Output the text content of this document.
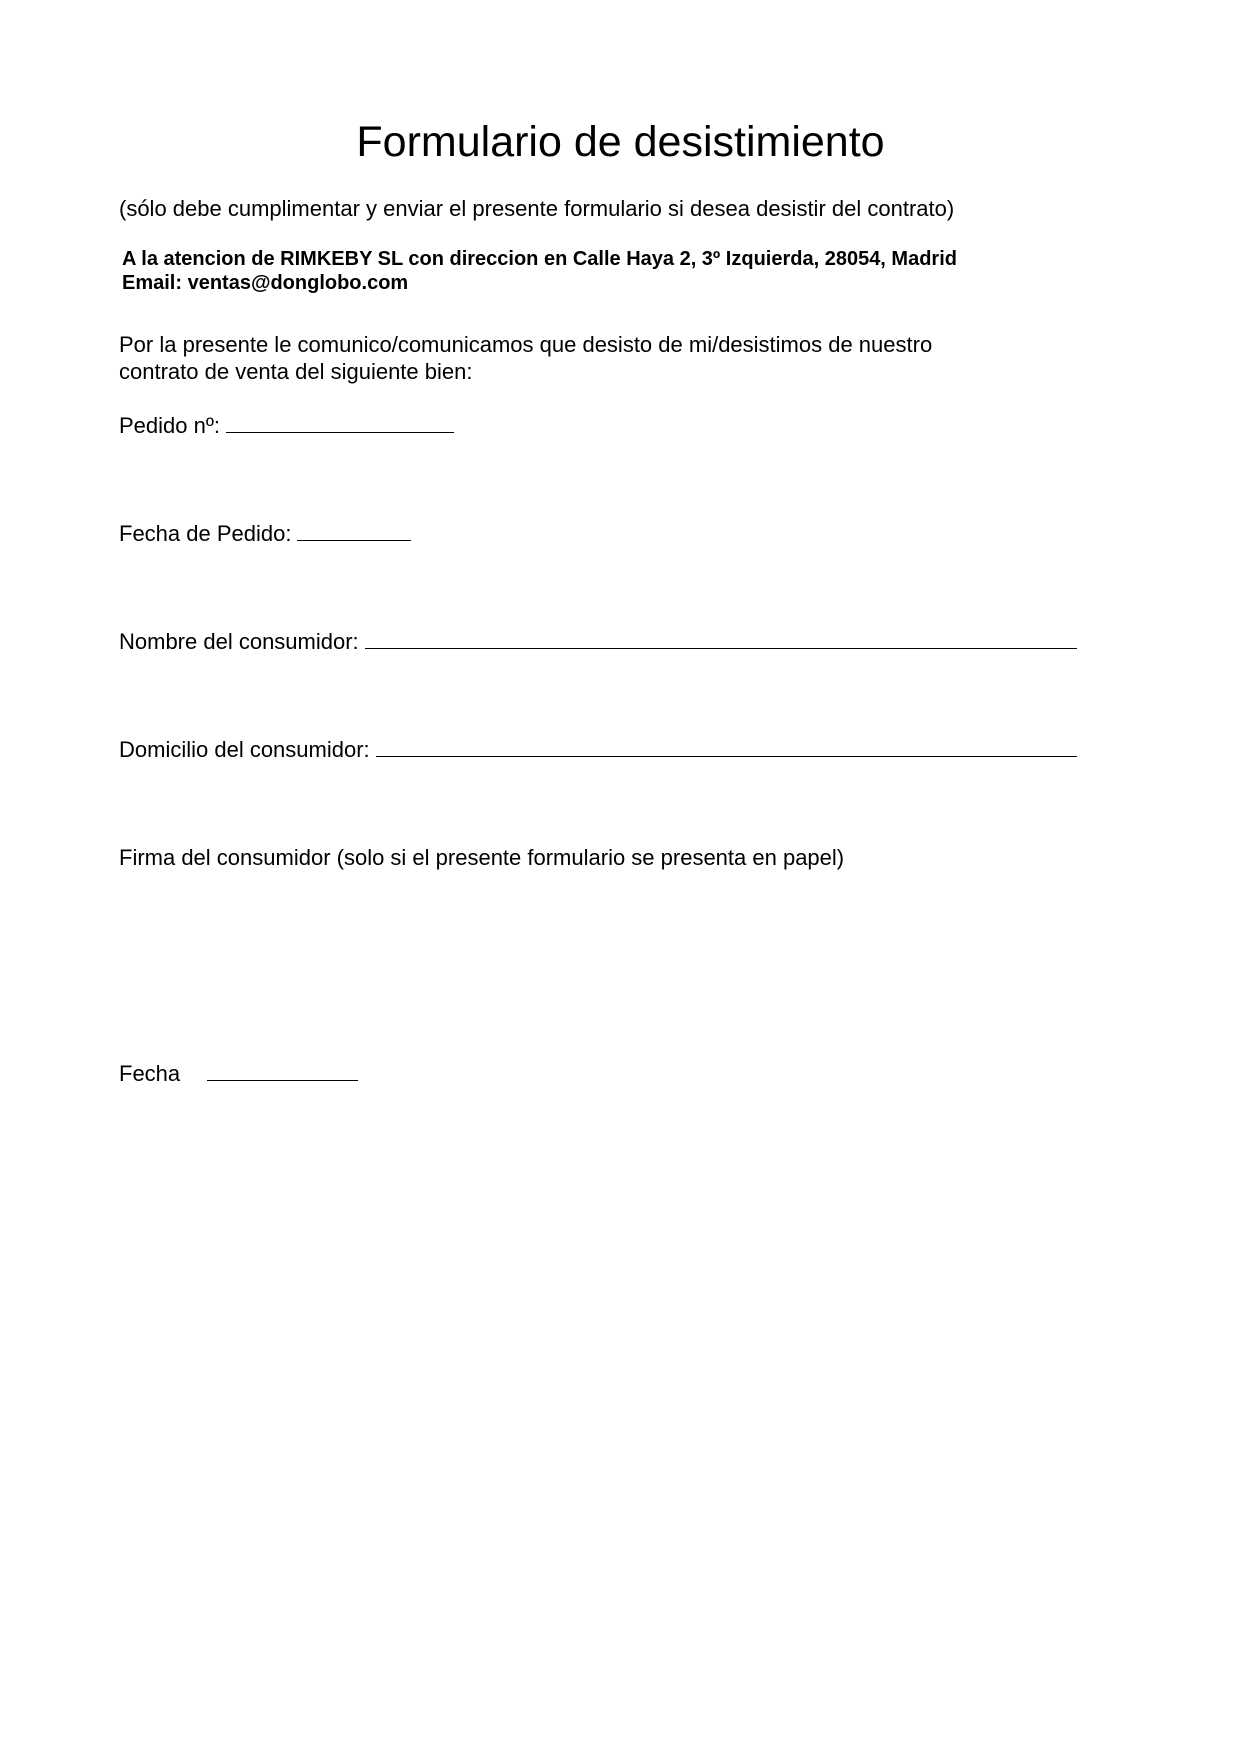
Formulario de desistimiento

(sólo debe cumplimentar y enviar el presente formulario si desea desistir del contrato)

A la atencion de RIMKEBY SL con direccion en Calle Haya 2, 3º Izquierda, 28054, Madrid
Email: ventas@donglobo.com
Por la presente le comunico/comunicamos que desisto de mi/desistimos de nuestro
contrato de venta del siguiente bien:
Pedido nº:
Fecha de Pedido:
Nombre del consumidor:
Domicilio del consumidor:
Firma del consumidor (solo si el presente formulario se presenta en papel)
Fecha
